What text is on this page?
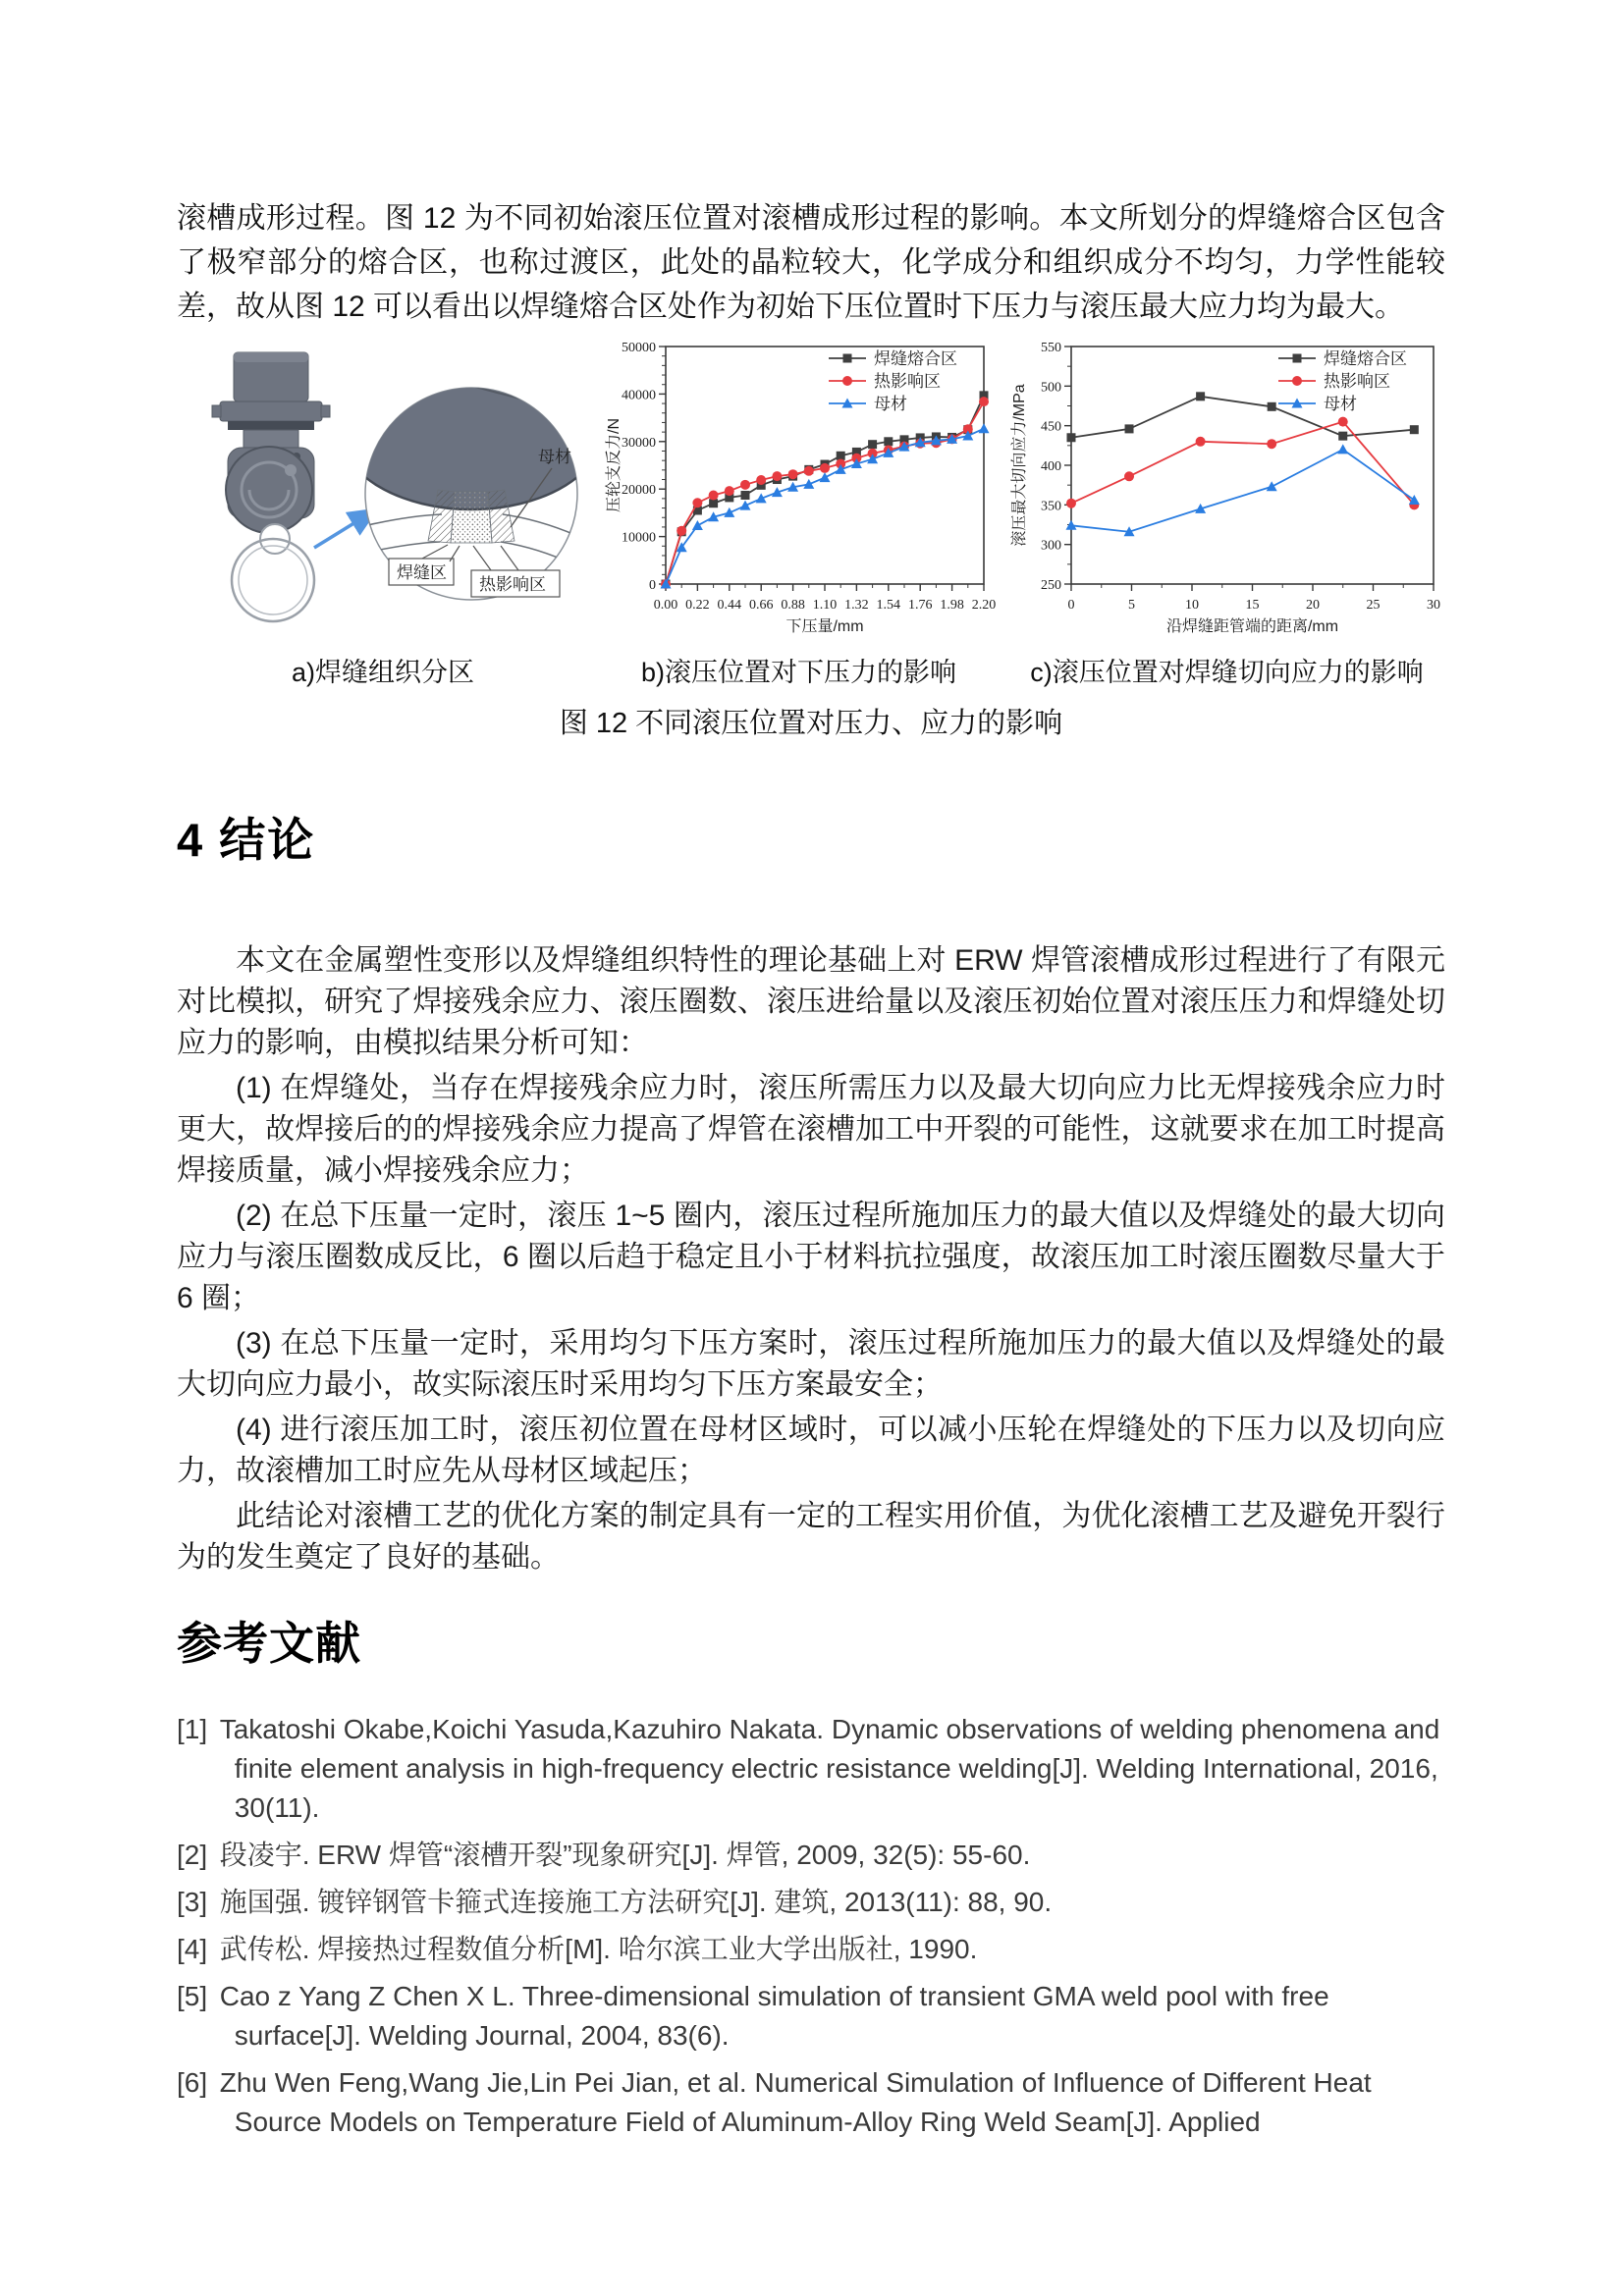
滚槽成形过程。图 12 为不同初始滚压位置对滚槽成形过程的影响。本文所划分的焊缝熔合区包含了极窄部分的熔合区，也称过渡区，此处的晶粒较大，化学成分和组织成分不均匀，力学性能较差，故从图 12 可以看出以焊缝熔合区处作为初始下压位置时下压力与滚压最大应力均为最大。

母材
焊缝区
热影响区
a)焊缝组织分区
0.00 0.22 0.44 0.66 0.88 1.10 1.32 1.54 1.76 1.98 2.20
0
10000
20000
30000
40000
50000
下压量/mm
压轮支反力/N
焊缝熔合区
热影响区
母材
b)滚压位置对下压力的影响
0	5	10	15	20	25	30
250
300
350
400
450
500
550
沿焊缝距管端的距离/mm
滚压最大切向应力/MPa
焊缝熔合区
热影响区
母材
c)滚压位置对焊缝切向应力的影响
图 12 不同滚压位置对压力、应力的影响
4 结论

本文在金属塑性变形以及焊缝组织特性的理论基础上对 ERW 焊管滚槽成形过程进行了有限元对比模拟，研究了焊接残余应力、滚压圈数、滚压进给量以及滚压初始位置对滚压压力和焊缝处切应力的影响，由模拟结果分析可知：

(1) 在焊缝处，当存在焊接残余应力时，滚压所需压力以及最大切向应力比无焊接残余应力时更大，故焊接后的的焊接残余应力提高了焊管在滚槽加工中开裂的可能性，这就要求在加工时提高焊接质量，减小焊接残余应力；

(2) 在总下压量一定时，滚压 1~5 圈内，滚压过程所施加压力的最大值以及焊缝处的最大切向应力与滚压圈数成反比，6 圈以后趋于稳定且小于材料抗拉强度，故滚压加工时滚压圈数尽量大于 6 圈；

(3) 在总下压量一定时，采用均匀下压方案时，滚压过程所施加压力的最大值以及焊缝处的最大切向应力最小，故实际滚压时采用均匀下压方案最安全；

(4) 进行滚压加工时，滚压初位置在母材区域时，可以减小压轮在焊缝处的下压力以及切向应力，故滚槽加工时应先从母材区域起压；

此结论对滚槽工艺的优化方案的制定具有一定的工程实用价值，为优化滚槽工艺及避免开裂行为的发生奠定了良好的基础。

参考文献
[1] Takatoshi Okabe,Koichi Yasuda,Kazuhiro Nakata. Dynamic observations of welding phenomena and finite element analysis in high-frequency electric resistance welding[J]. Welding International, 2016, 30(11).
[2] 段凌宇. ERW 焊管“滚槽开裂”现象研究[J]. 焊管, 2009, 32(5): 55-60.
[3] 施国强. 镀锌钢管卡箍式连接施工方法研究[J]. 建筑, 2013(11): 88, 90.
[4] 武传松. 焊接热过程数值分析[M]. 哈尔滨工业大学出版社, 1990.
[5] Cao z Yang Z Chen X L. Three-dimensional simulation of transient GMA weld pool with free surface[J]. Welding Journal, 2004, 83(6).
[6] Zhu Wen Feng,Wang Jie,Lin Pei Jian, et al. Numerical Simulation of Influence of Different Heat Source Models on Temperature Field of Aluminum-Alloy Ring Weld Seam[J]. Applied
